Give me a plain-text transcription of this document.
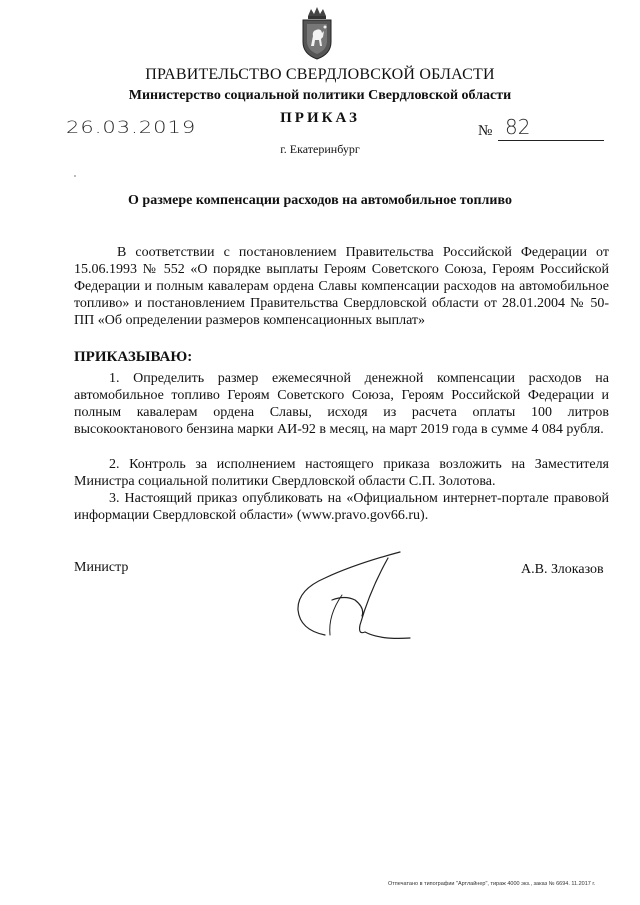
ПРАВИТЕЛЬСТВО СВЕРДЛОВСКОЙ ОБЛАСТИ
Министерство социальной политики Свердловской области
ПРИКАЗ
26.03.2019	№ 82
г. Екатеринбург
О размере компенсации расходов на автомобильное топливо
В соответствии с постановлением Правительства Российской Федерации от 15.06.1993 № 552 «О порядке выплаты Героям Советского Союза, Героям Российской Федерации и полным кавалерам ордена Славы компенсации расходов на автомобильное топливо» и постановлением Правительства Свердловской области от 28.01.2004 № 50-ПП «Об определении размеров компенсационных выплат»
ПРИКАЗЫВАЮ:
1. Определить размер ежемесячной денежной компенсации расходов на автомобильное топливо Героям Советского Союза, Героям Российской Федерации и полным кавалерам ордена Славы, исходя из расчета оплаты 100 литров высокооктанового бензина марки АИ-92 в месяц, на март 2019 года в сумме 4 084 рубля.
2. Контроль за исполнением настоящего приказа возложить на Заместителя Министра социальной политики Свердловской области С.П. Золотова.
3. Настоящий приказ опубликовать на «Официальном интернет-портале правовой информации Свердловской области» (www.pravo.gov66.ru).
Министр	А.В. Злоказов
Отпечатано в типографии "Артлайнер", тираж 4000 экз., заказ № 6694. 11.2017 г.
